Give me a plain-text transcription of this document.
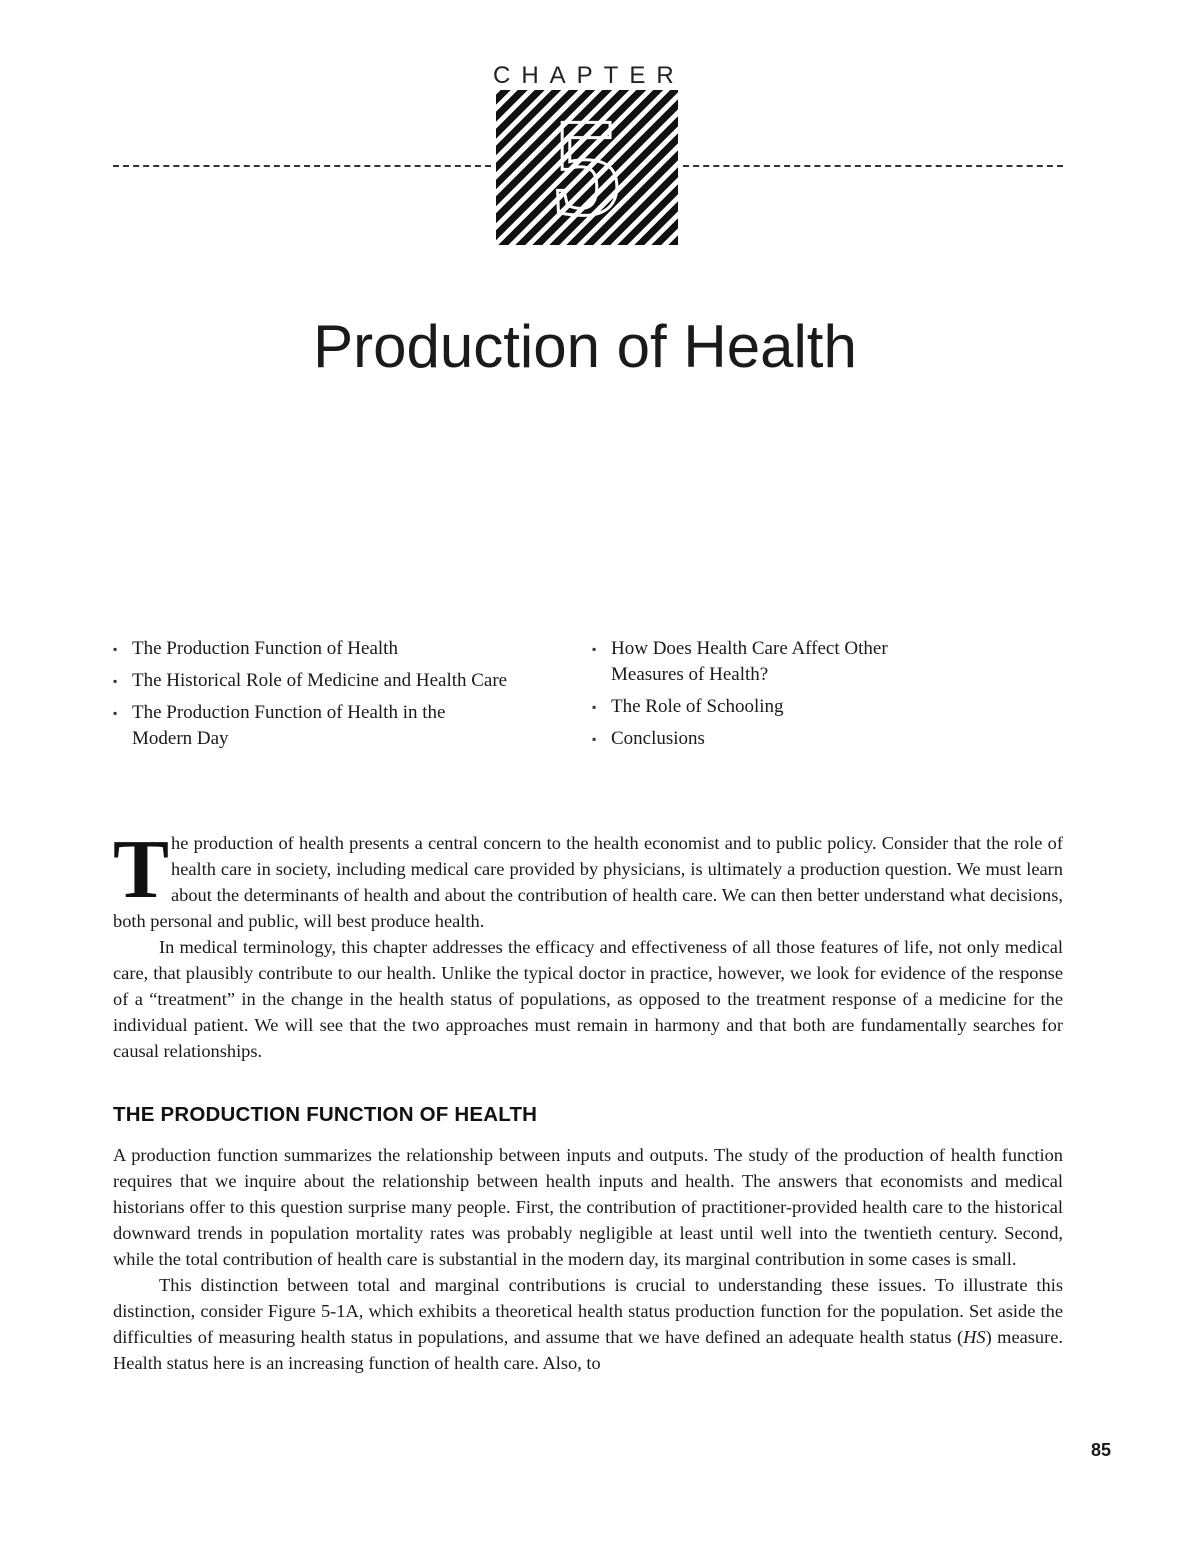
CHAPTER
5
Production of Health
▪ The Production Function of Health
▪ The Historical Role of Medicine and Health Care
▪ The Production Function of Health in the Modern Day
▪ How Does Health Care Affect Other Measures of Health?
▪ The Role of Schooling
▪ Conclusions

The production of health presents a central concern to the health economist and to public policy. Consider that the role of health care in society, including medical care provided by physicians, is ultimately a production question. We must learn about the determinants of health and about the contribution of health care. We can then better understand what decisions, both personal and public, will best produce health.

In medical terminology, this chapter addresses the efficacy and effectiveness of all those features of life, not only medical care, that plausibly contribute to our health. Unlike the typical doctor in practice, however, we look for evidence of the response of a “treatment” in the change in the health status of populations, as opposed to the treatment response of a medicine for the individual patient. We will see that the two approaches must remain in harmony and that both are fundamentally searches for causal relationships.

THE PRODUCTION FUNCTION OF HEALTH

A production function summarizes the relationship between inputs and outputs. The study of the production of health function requires that we inquire about the relationship between health inputs and health. The answers that economists and medical historians offer to this question surprise many people. First, the contribution of practitioner-provided health care to the historical downward trends in population mortality rates was probably negligible at least until well into the twentieth century. Second, while the total contribution of health care is substantial in the modern day, its marginal contribution in some cases is small.

This distinction between total and marginal contributions is crucial to understanding these issues. To illustrate this distinction, consider Figure 5-1A, which exhibits a theoretical health status production function for the population. Set aside the difficulties of measuring health status in populations, and assume that we have defined an adequate health status (HS) measure. Health status here is an increasing function of health care. Also, to

85
